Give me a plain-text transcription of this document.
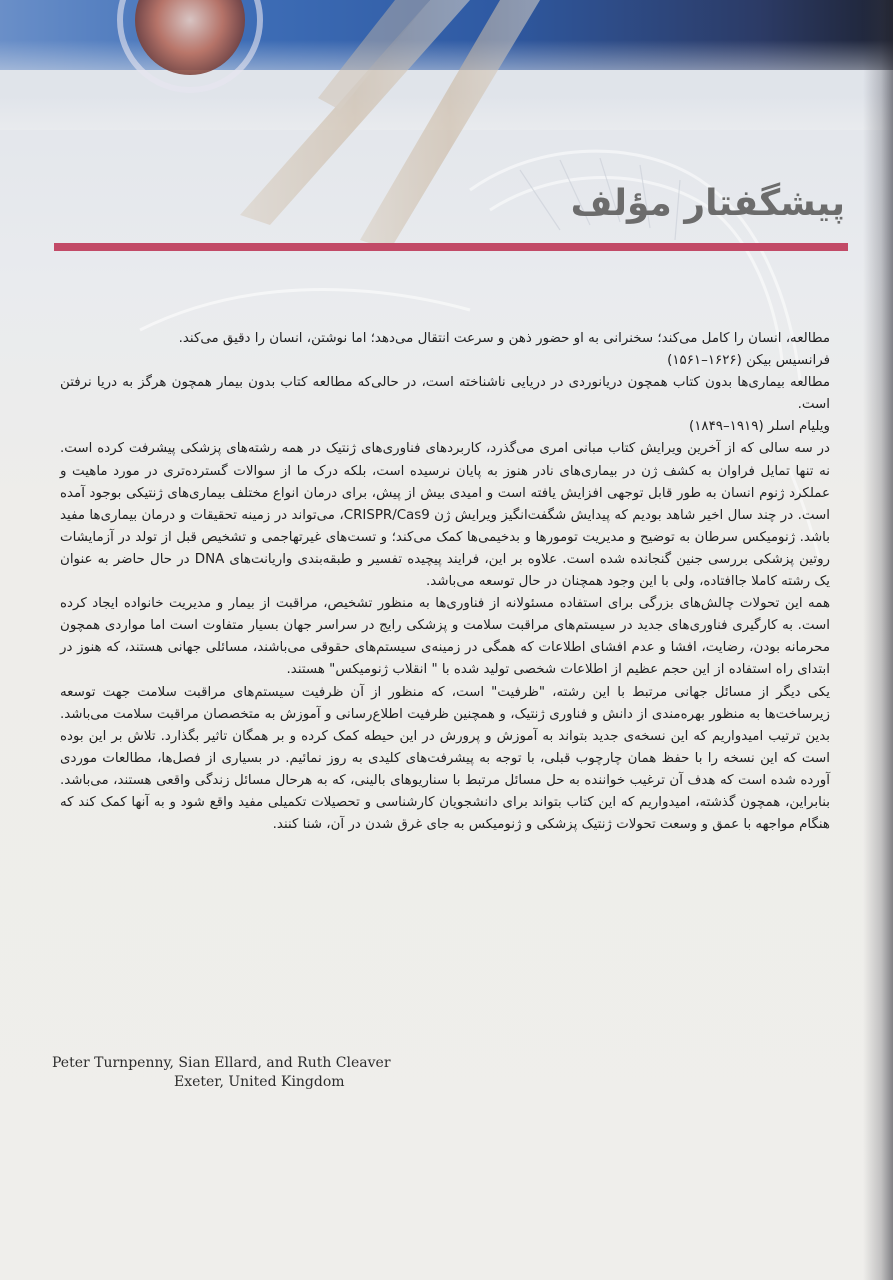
پیشگفتار مؤلف

مطالعه، انسان را کامل می‌کند؛ سخنرانی به او حضور ذهن و سرعت انتقال می‌دهد؛ اما نوشتن، انسان را دقیق می‌کند.

فرانسیس بیکن (۱۶۲۶–۱۵۶۱)

مطالعه بیماری‌ها بدون کتاب همچون دریانوردی در دریایی ناشناخته است، در حالی‌که مطالعه کتاب بدون بیمار همچون هرگز به دریا نرفتن است.

ویلیام اسلر (۱۹۱۹–۱۸۴۹)

در سه سالی که از آخرین ویرایش کتاب مبانی امری می‌گذرد، کاربردهای فناوری‌های ژنتیک در همه رشته‌های پزشکی پیشرفت کرده است. نه تنها تمایل فراوان به کشف ژن در بیماری‌های نادر هنوز به پایان نرسیده است، بلکه درک ما از سوالات گسترده‌تری در مورد ماهیت و عملکرد ژنوم انسان به طور قابل توجهی افزایش یافته است و امیدی بیش از پیش، برای درمان انواع مختلف بیماری‌های ژنتیکی بوجود آمده است. در چند سال اخیر شاهد بودیم که پیدایش شگفت‌انگیز ویرایش ژن CRISPR/Cas9، می‌تواند در زمینه تحقیقات و درمان بیماری‌ها مفید باشد. ژنومیکس سرطان به توضیح و مدیریت تومورها و بدخیمی‌ها کمک می‌کند؛ و تست‌های غیرتهاجمی و تشخیص قبل از تولد در آزمایشات روتین پزشکی بررسی جنین گنجانده شده است. علاوه بر این، فرایند پیچیده تفسیر و طبقه‌بندی واریانت‌های DNA در حال حاضر به عنوان یک رشته کاملا جاافتاده، ولی با این وجود همچنان در حال توسعه می‌باشد.

همه این تحولات چالش‌های بزرگی برای استفاده مسئولانه از فناوری‌ها به منظور تشخیص، مراقبت از بیمار و مدیریت خانواده ایجاد کرده است. به کارگیری فناوری‌های جدید در سیستم‌های مراقبت سلامت و پزشکی رایج در سراسر جهان بسیار متفاوت است اما مواردی همچون محرمانه بودن، رضایت، افشا و عدم افشای اطلاعات که همگی در زمینه‌ی سیستم‌های حقوقی می‌باشند، مسائلی جهانی هستند، که هنوز در ابتدای راه استفاده از این حجم عظیم از اطلاعات شخصی تولید شده با " انقلاب ژنومیکس" هستند.

یکی دیگر از مسائل جهانی مرتبط با این رشته، "ظرفیت" است، که منظور از آن ظرفیت سیستم‌های مراقبت سلامت جهت توسعه زیرساخت‌ها به منظور بهره‌مندی از دانش و فناوری ژنتیک، و همچنین ظرفیت اطلاع‌رسانی و آموزش به متخصصان مراقبت سلامت می‌باشد. بدین ترتیب امیدواریم که این نسخه‌ی جدید بتواند به آموزش و پرورش در این حیطه کمک کرده و بر همگان تاثیر بگذارد. تلاش بر این بوده است که این نسخه را با حفظ همان چارچوب قبلی، با توجه به پیشرفت‌های کلیدی به روز نمائیم. در بسیاری از فصل‌ها، مطالعات موردی آورده شده است که هدف آن ترغیب خواننده به حل مسائل مرتبط با سناریوهای بالینی، که به هرحال مسائل زندگی واقعی هستند، می‌باشد. بنابراین، همچون گذشته، امیدواریم که این کتاب بتواند برای دانشجویان کارشناسی و تحصیلات تکمیلی مفید واقع شود و به آنها کمک کند که هنگام مواجهه با عمق و وسعت تحولات ژنتیک پزشکی و ژنومیکس به جای غرق شدن در آن، شنا کنند.

Peter Turnpenny, Sian Ellard, and Ruth Cleaver
Exeter, United Kingdom
